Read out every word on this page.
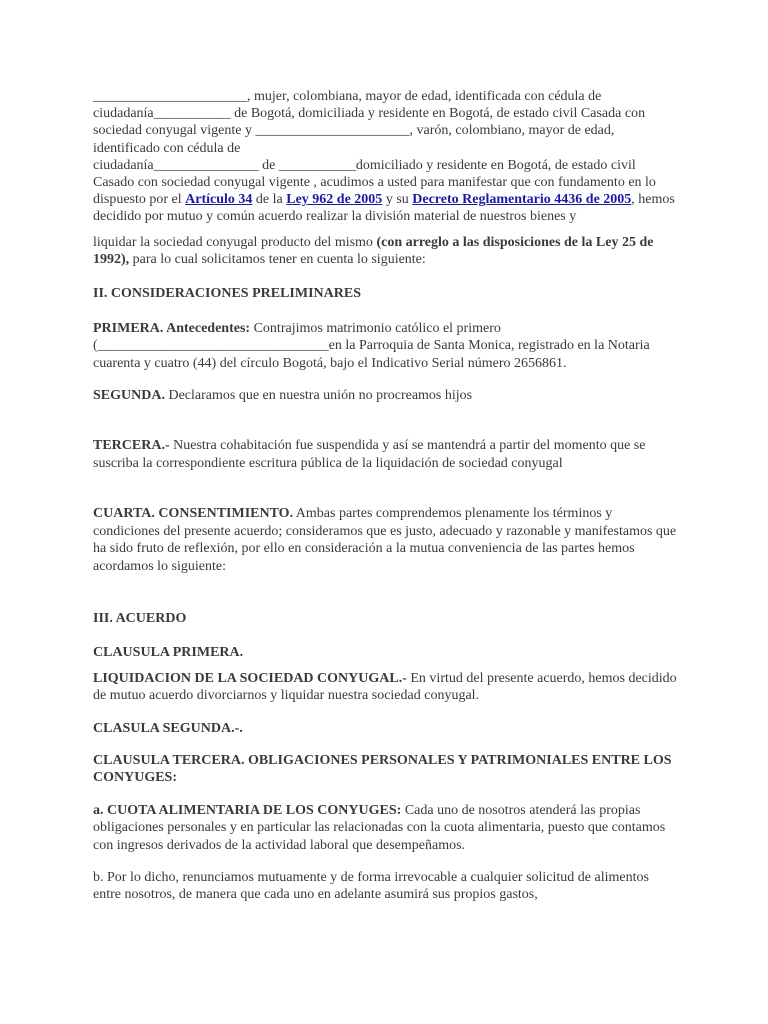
______________________, mujer, colombiana, mayor de edad, identificada con cédula de ciudadanía___________ de Bogotá, domiciliada y residente en Bogotá, de estado civil Casada con sociedad conyugal vigente y ______________________, varón, colombiano, mayor de edad, identificado con cédula de
ciudadanía_______________ de ___________domiciliado y residente en Bogotá, de estado civil Casado con sociedad conyugal vigente , acudimos a usted para manifestar que con fundamento en lo dispuesto por el Artículo 34 de la Ley 962 de 2005 y su Decreto Reglamentario 4436 de 2005, hemos decidido por mutuo y común acuerdo realizar la división material de nuestros bienes y

liquidar la sociedad conyugal producto del mismo (con arreglo a las disposiciones de la Ley 25 de 1992), para lo cual solicitamos tener en cuenta lo siguiente:

II. CONSIDERACIONES PRELIMINARES

PRIMERA. Antecedentes: Contrajimos matrimonio católico el primero (_________________________________en la Parroquia de Santa Monica, registrado en la Notaria cuarenta y cuatro (44) del círculo Bogotá, bajo el Indicativo Serial número 2656861.

SEGUNDA. Declaramos que en nuestra unión no procreamos hijos

TERCERA.- Nuestra cohabitación fue suspendida y así se mantendrá a partir del momento que se suscriba la correspondiente escritura pública de la liquidación de sociedad conyugal

CUARTA. CONSENTIMIENTO. Ambas partes comprendemos plenamente los términos y condiciones del presente acuerdo; consideramos que es justo, adecuado y razonable y manifestamos que ha sido fruto de reflexión, por ello en consideración a la mutua conveniencia de las partes hemos acordamos lo siguiente:

III. ACUERDO

CLAUSULA PRIMERA.

LIQUIDACION DE LA SOCIEDAD CONYUGAL.- En virtud del presente acuerdo, hemos decidido de mutuo acuerdo divorciarnos y liquidar nuestra sociedad conyugal.

CLASULA SEGUNDA.-.

CLAUSULA TERCERA. OBLIGACIONES PERSONALES Y PATRIMONIALES ENTRE LOS CONYUGES:

a. CUOTA ALIMENTARIA DE LOS CONYUGES: Cada uno de nosotros atenderá las propias obligaciones personales y en particular las relacionadas con la cuota alimentaria, puesto que contamos con ingresos derivados de la actividad laboral que desempeñamos.

b. Por lo dicho, renunciamos mutuamente y de forma irrevocable a cualquier solicitud de alimentos entre nosotros, de manera que cada uno en adelante asumirá sus propios gastos,
